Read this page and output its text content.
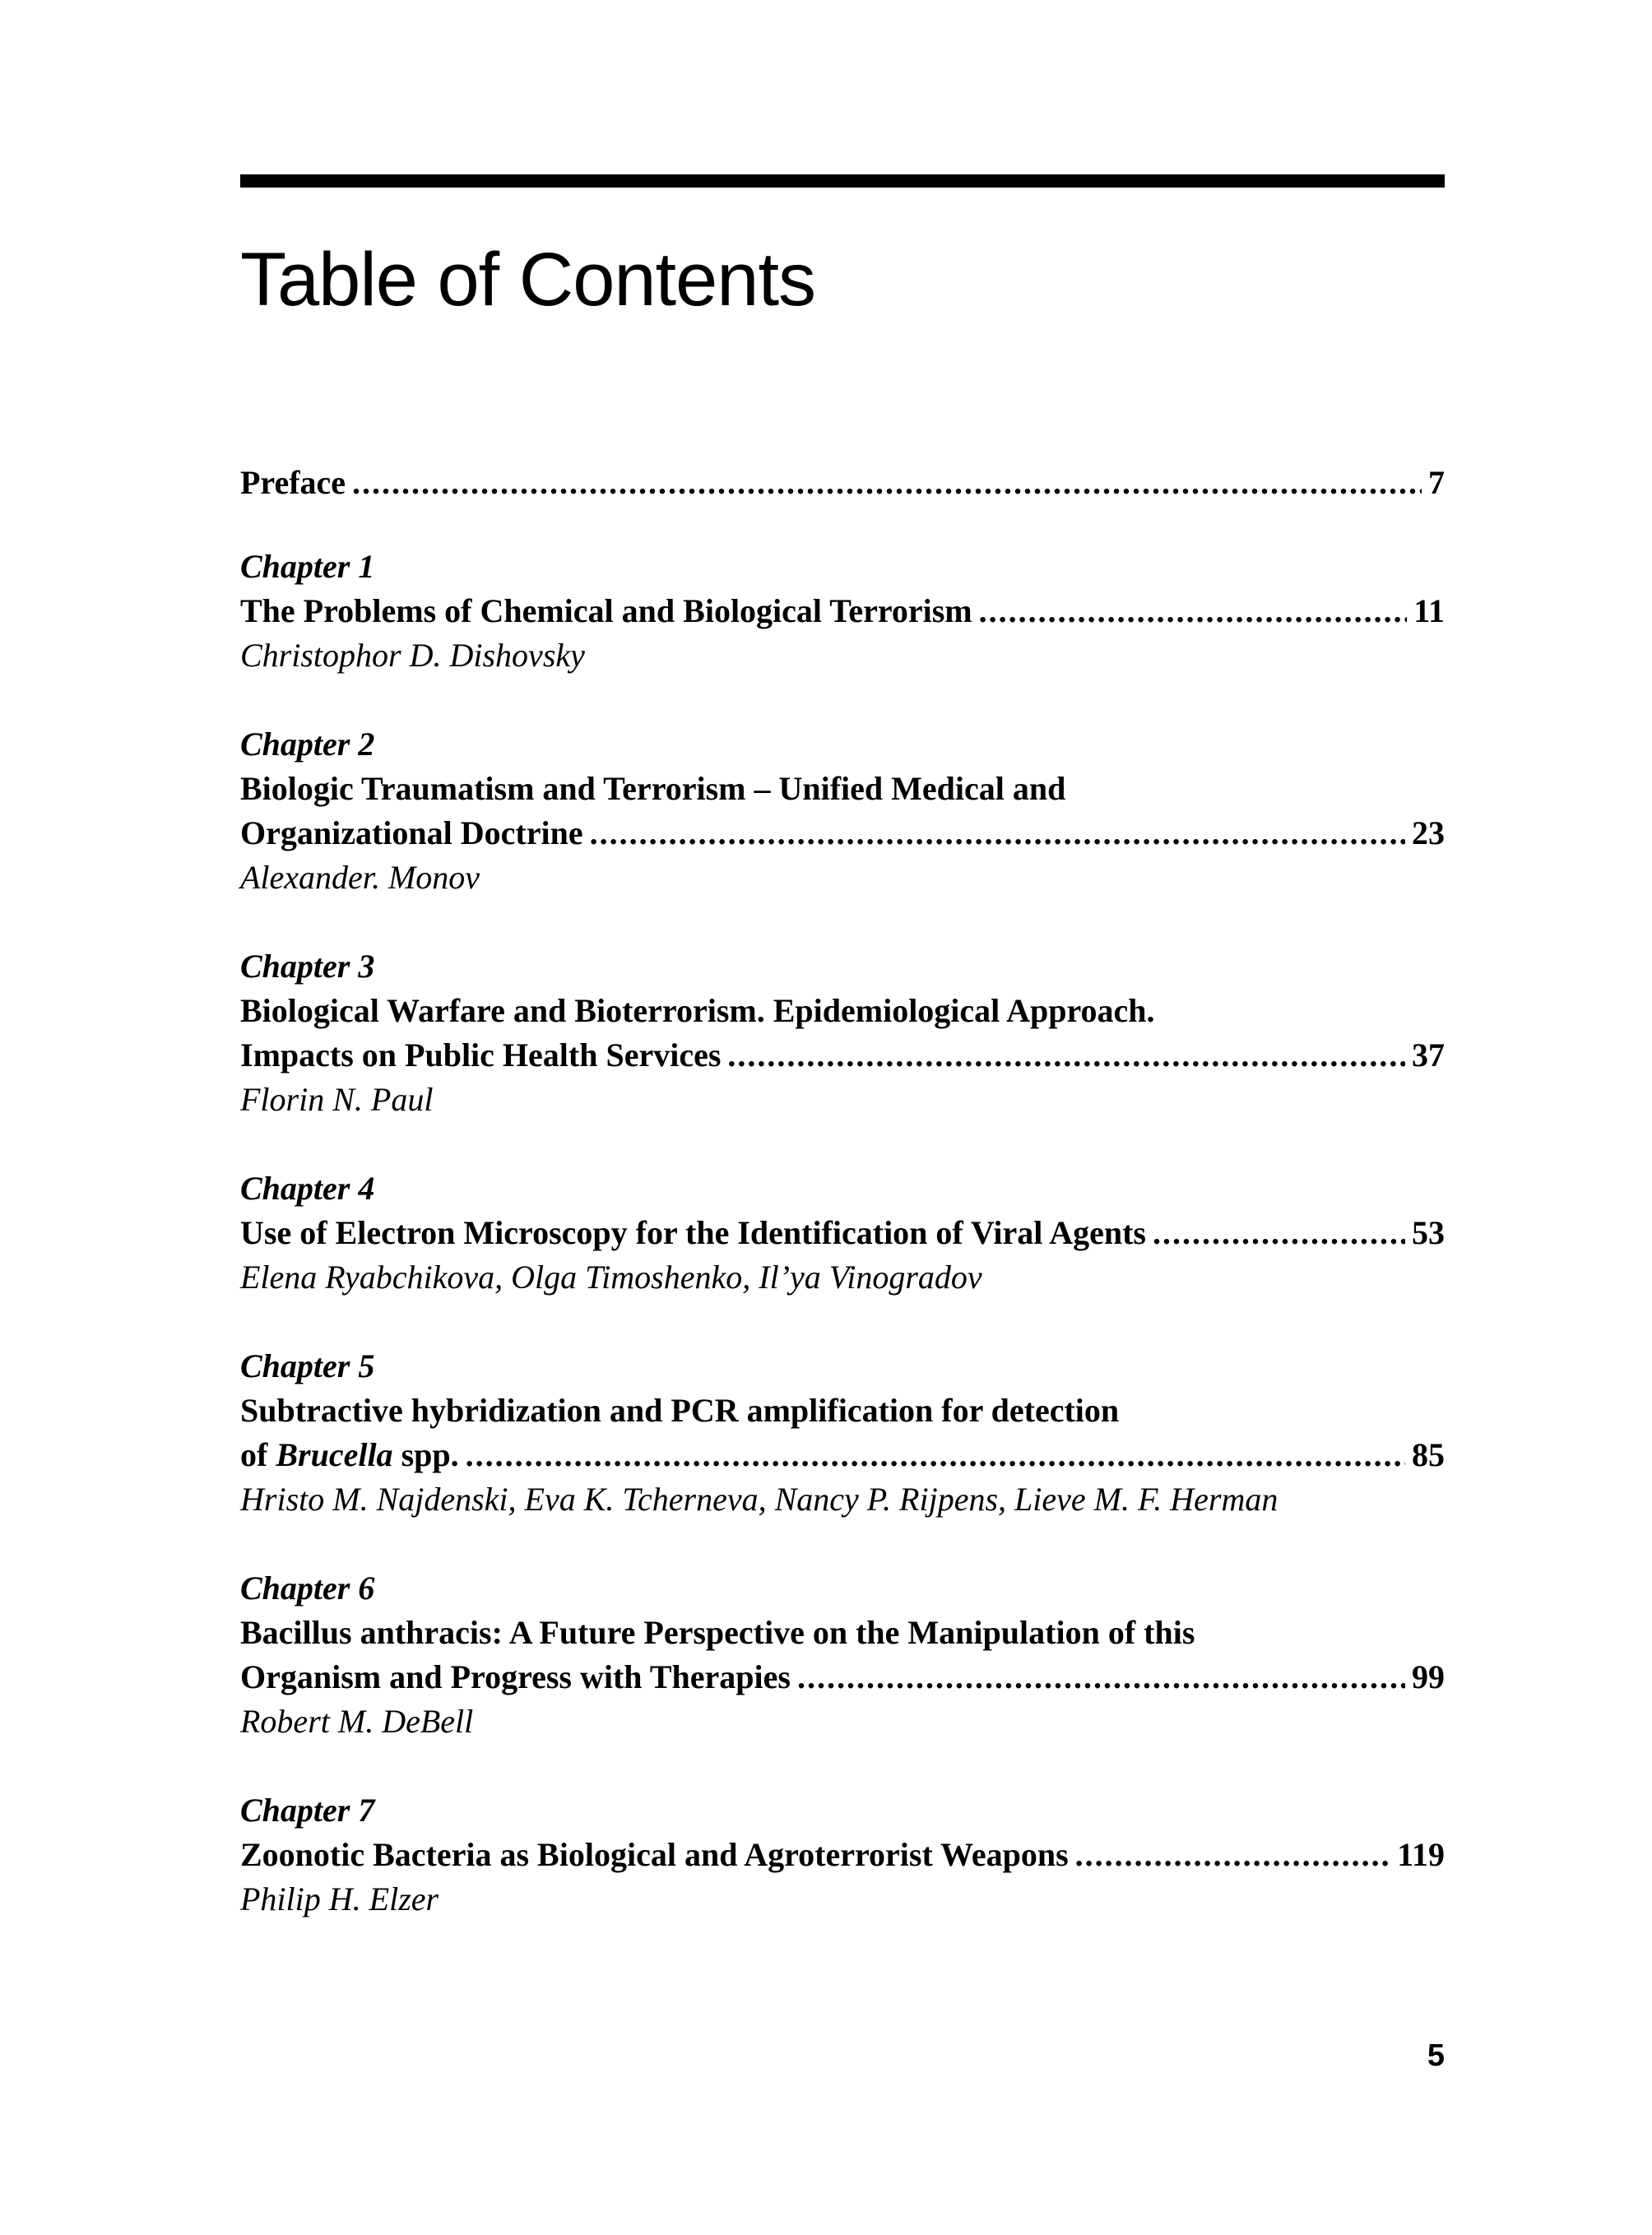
Table of Contents
Preface .....	7
Chapter 1
The Problems of Chemical and Biological Terrorism .....	11
Christophor D. Dishovsky
Chapter 2
Biologic Traumatism and Terrorism – Unified Medical and
Organizational Doctrine .....	23
Alexander. Monov
Chapter 3
Biological Warfare and Bioterrorism. Epidemiological Approach.
Impacts on Public Health Services .....	37
Florin N. Paul
Chapter 4
Use of Electron Microscopy for the Identification of Viral Agents .....	53
Elena Ryabchikova, Olga Timoshenko, Il’ya Vinogradov
Chapter 5
Subtractive hybridization and PCR amplification for detection
of Brucella spp. .....	85
Hristo M. Najdenski, Eva K. Tcherneva, Nancy P. Rijpens, Lieve M. F. Herman
Chapter 6
Bacillus anthracis: A Future Perspective on the Manipulation of this
Organism and Progress with Therapies .....	99
Robert M. DeBell
Chapter 7
Zoonotic Bacteria as Biological and Agroterrorist Weapons .....	119
Philip H. Elzer
5
